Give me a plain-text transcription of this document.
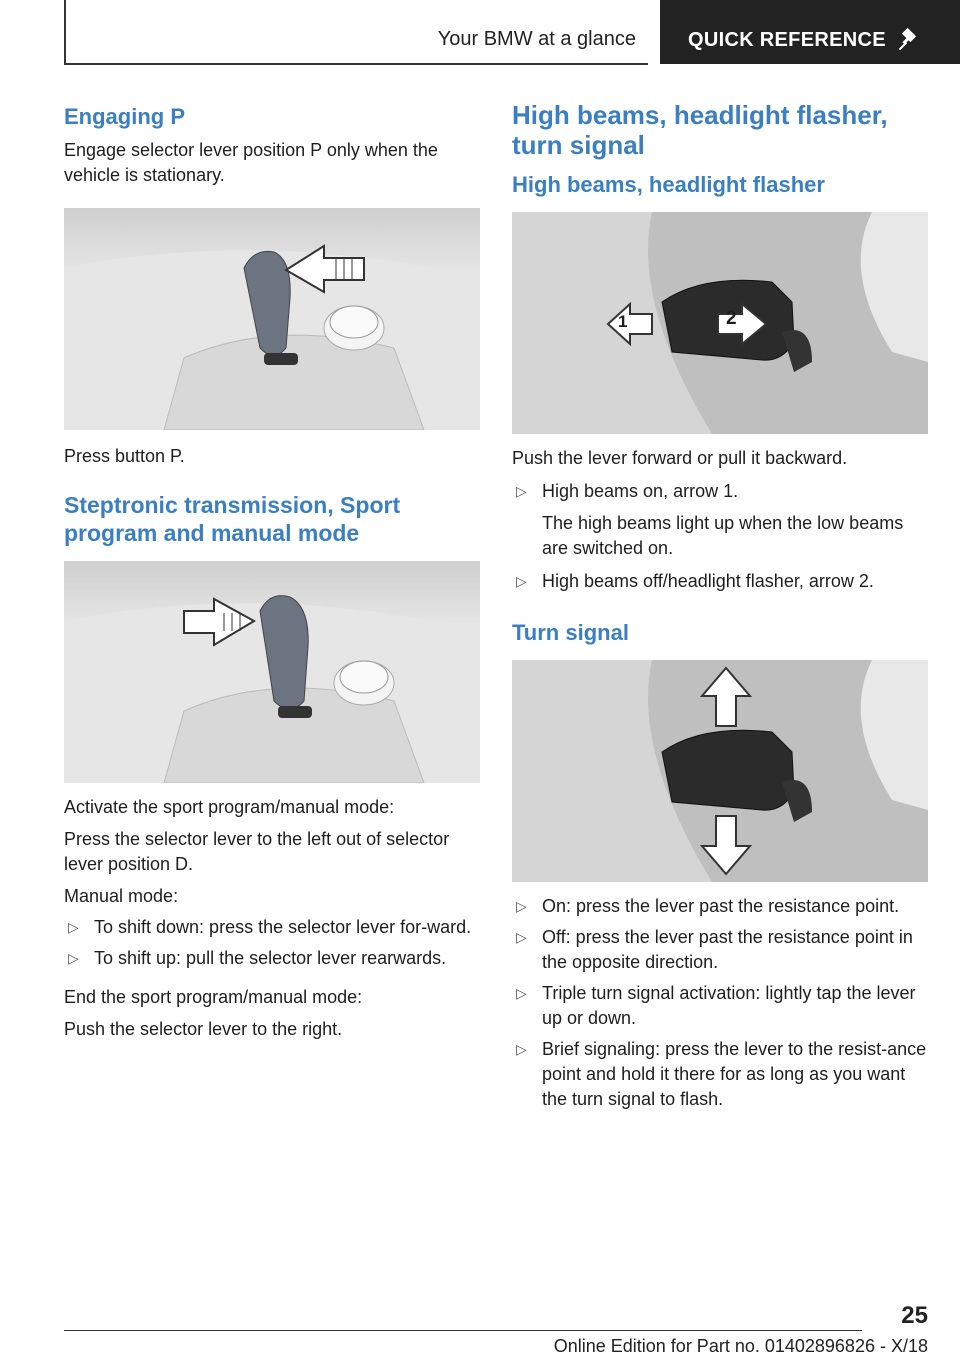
Your BMW at a glance	QUICK REFERENCE
Engaging P

Engage selector lever position P only when the vehicle is stationary.

Press button P.

Steptronic transmission, Sport program and manual mode

Activate the sport program/manual mode:

Press the selector lever to the left out of selector lever position D.

Manual mode:

▷ To shift down: press the selector lever for‐ward.
▷ To shift up: pull the selector lever rearwards.

End the sport program/manual mode:

Push the selector lever to the right.

High beams, headlight flasher, turn signal
High beams, headlight flasher
1	2

Push the lever forward or pull it backward.

▷ High beams on, arrow 1.
The high beams light up when the low beams are switched on.
▷ High beams off/headlight flasher, arrow 2.
Turn signal
▷ On: press the lever past the resistance point.
▷ Off: press the lever past the resistance point in the opposite direction.
▷ Triple turn signal activation: lightly tap the lever up or down.
▷ Brief signaling: press the lever to the resist‐ance point and hold it there for as long as you want the turn signal to flash.
25
Online Edition for Part no. 01402896826 - X/18
